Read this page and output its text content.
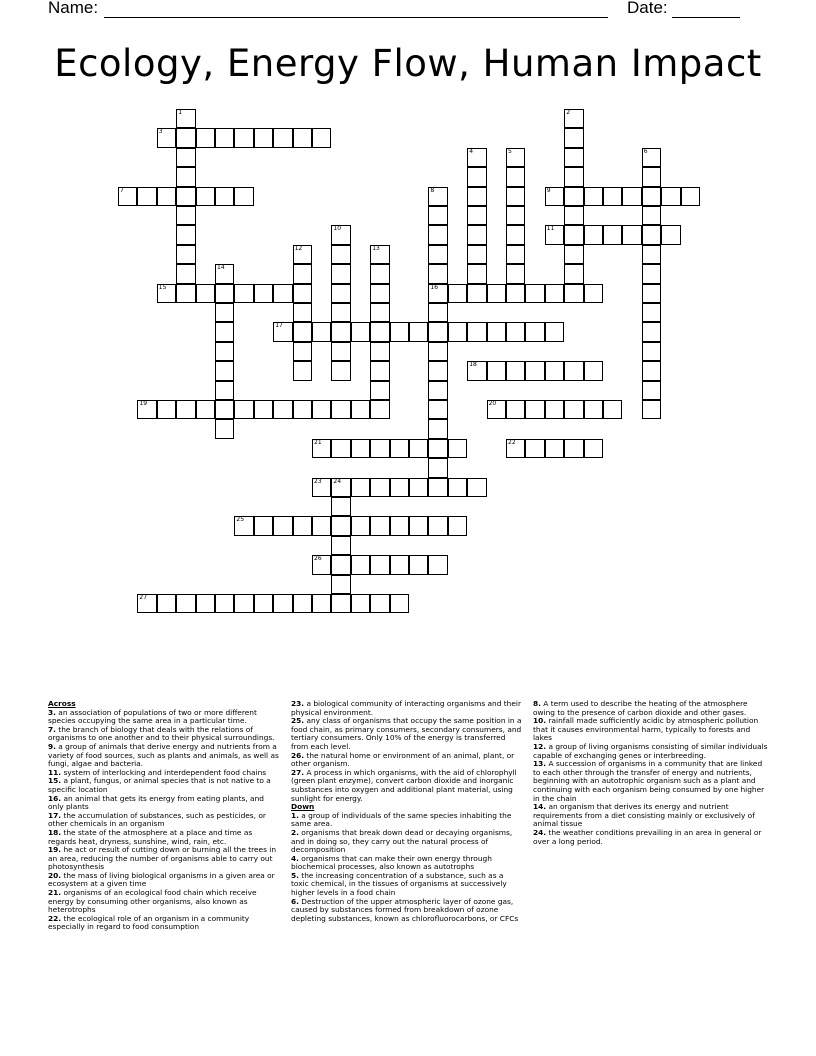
Name:	Date:
Ecology, Energy Flow, Human Impact
1	2
3
4	5	6
7	8
16
9
10	11
12	13
14
15
17
18
19	20
21	22
23 24
25
26
27

Across

3. an association of populations of two or more different species occupying the same area in a particular time.

7. the branch of biology that deals with the relations of organisms to one another and to their physical surroundings.

9. a group of animals that derive energy and nutrients from a variety of food sources, such as plants and animals, as well as fungi, algae and bacteria.

11. system of interlocking and interdependent food chains

15. a plant, fungus, or animal species that is not native to a specific location

16. an animal that gets its energy from eating plants, and only plants

17. the accumulation of substances, such as pesticides, or other chemicals in an organism

18. the state of the atmosphere at a place and time as regards heat, dryness, sunshine, wind, rain, etc.

19. he act or result of cutting down or burning all the trees in an area, reducing the number of organisms able to carry out photosynthesis

20. the mass of living biological organisms in a given area or ecosystem at a given time

21. organisms of an ecological food chain which receive energy by consuming other organisms, also known as heterotrophs

22. the ecological role of an organism in a community especially in regard to food consumption

23. a biological community of interacting organisms and their physical environment.

25. any class of organisms that occupy the same position in a food chain, as primary consumers, secondary consumers, and tertiary consumers. Only 10% of the energy is transferred from each level.

26. the natural home or environment of an animal, plant, or other organism.

27. A process in which organisms, with the aid of chlorophyll (green plant enzyme), convert carbon dioxide and inorganic substances into oxygen and additional plant material, using sunlight for energy.

Down

1. a group of individuals of the same species inhabiting the same area.

2. organisms that break down dead or decaying organisms, and in doing so, they carry out the natural process of decomposition

4. organisms that can make their own energy through biochemical processes, also known as autotrophs

5. the increasing concentration of a substance, such as a toxic chemical, in the tissues of organisms at successively higher levels in a food chain

6. Destruction of the upper atmospheric layer of ozone gas, caused by substances formed from breakdown of ozone depleting substances, known as chlorofluorocarbons, or CFCs

8. A term used to describe the heating of the atmosphere owing to the presence of carbon dioxide and other gases.

10. rainfall made sufficiently acidic by atmospheric pollution that it causes environmental harm, typically to forests and lakes

12. a group of living organisms consisting of similar individuals capable of exchanging genes or interbreeding.

13. A succession of organisms in a community that are linked to each other through the transfer of energy and nutrients, beginning with an autotrophic organism such as a plant and continuing with each organism being consumed by one higher in the chain

14. an organism that derives its energy and nutrient requirements from a diet consisting mainly or exclusively of animal tissue

24. the weather conditions prevailing in an area in general or over a long period.
